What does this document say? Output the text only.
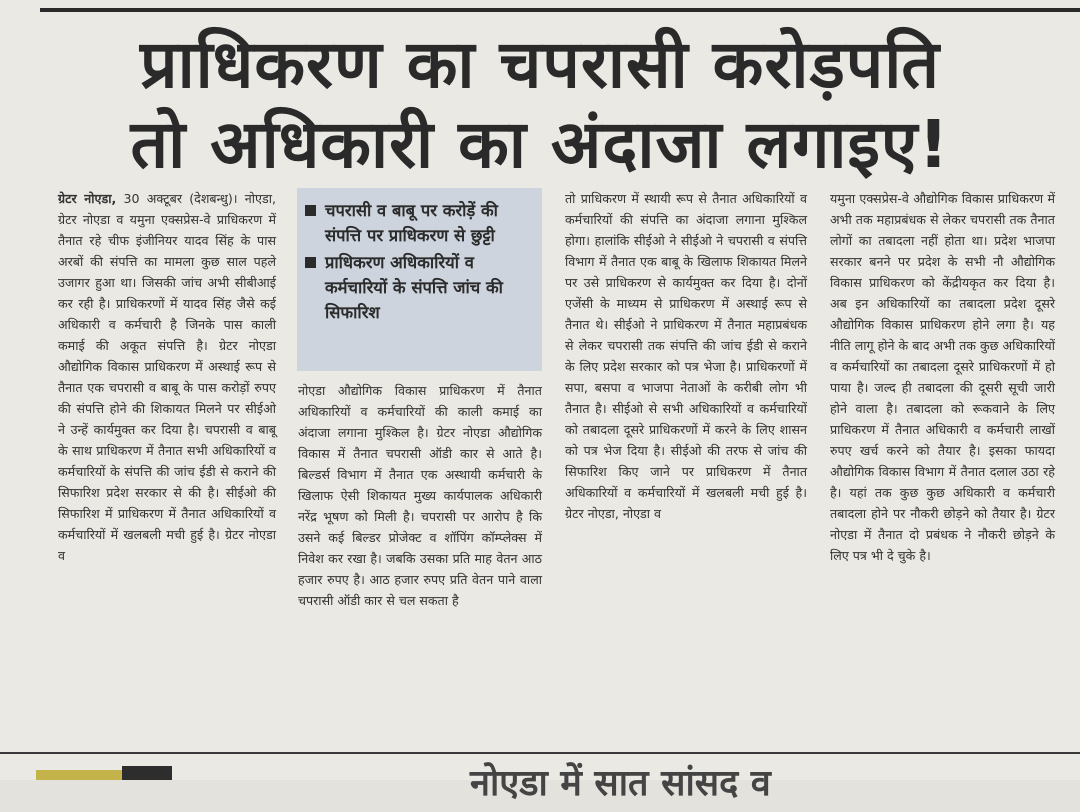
प्राधिकरण का चपरासी करोड़पति
तो अधिकारी का अंदाजा लगाइए!

ग्रेटर नोएडा, 30 अक्टूबर (देशबन्धु)। नोएडा, ग्रेटर नोएडा व यमुना एक्सप्रेस-वे प्राधिकरण में तैनात रहे चीफ इंजीनियर यादव सिंह के पास अरबों की संपत्ति का मामला कुछ साल पहले उजागर हुआ था। जिसकी जांच अभी सीबीआई कर रही है। प्राधिकरणों में यादव सिंह जैसे कई अधिकारी व कर्मचारी है जिनके पास काली कमाई की अकूत संपत्ति है। ग्रेटर नोएडा औद्योगिक विकास प्राधिकरण में अस्थाई रूप से तैनात एक चपरासी व बाबू के पास करोड़ों रुपए की संपत्ति होने की शिकायत मिलने पर सीईओ ने उन्हें कार्यमुक्त कर दिया है। चपरासी व बाबू के साथ प्राधिकरण में तैनात सभी अधिकारियों व कर्मचारियों के संपत्ति की जांच ईडी से कराने की सिफारिश प्रदेश सरकार से की है। सीईओ की सिफारिश में प्राधिकरण में तैनात अधिकारियों व कर्मचारियों में खलबली मची हुई है। ग्रेटर नोएडा व

चपरासी व बाबू पर करोड़ें की संपत्ति पर प्राधिकरण से छुट्टी
प्राधिकरण अधिकारियों व कर्मचारियों के संपत्ति जांच की सिफारिश

नोएडा औद्योगिक विकास प्राधिकरण में तैनात अधिकारियों व कर्मचारियों की काली कमाई का अंदाजा लगाना मुश्किल है। ग्रेटर नोएडा औद्योगिक विकास में तैनात चपरासी ऑडी कार से आते है। बिल्डर्स विभाग में तैनात एक अस्थायी कर्मचारी के खिलाफ ऐसी शिकायत मुख्य कार्यपालक अधिकारी नरेंद्र भूषण को मिली है। चपरासी पर आरोप है कि उसने कई बिल्डर प्रोजेक्ट व शॉपिंग कॉम्प्लेक्स में निवेश कर रखा है। जबकि उसका प्रति माह वेतन आठ हजार रुपए है। आठ हजार रुपए प्रति वेतन पाने वाला चपरासी ऑडी कार से चल सकता है

तो प्राधिकरण में स्थायी रूप से तैनात अधिकारियों व कर्मचारियों की संपत्ति का अंदाजा लगाना मुश्किल होगा। हालांकि सीईओ ने सीईओ ने चपरासी व संपत्ति विभाग में तैनात एक बाबू के खिलाफ शिकायत मिलने पर उसे प्राधिकरण से कार्यमुक्त कर दिया है। दोनों एजेंसी के माध्यम से प्राधिकरण में अस्थाई रूप से तैनात थे। सीईओ ने प्राधिकरण में तैनात महाप्रबंधक से लेकर चपरासी तक संपत्ति की जांच ईडी से कराने के लिए प्रदेश सरकार को पत्र भेजा है। प्राधिकरणों में सपा, बसपा व भाजपा नेताओं के करीबी लोग भी तैनात है। सीईओ से सभी अधिकारियों व कर्मचारियों को तबादला दूसरे प्राधिकरणों में करने के लिए शासन को पत्र भेज दिया है। सीईओ की तरफ से जांच की सिफारिश किए जाने पर प्राधिकरण में तैनात अधिकारियों व कर्मचारियों में खलबली मची हुई है। ग्रेटर नोएडा, नोएडा व

यमुना एक्सप्रेस-वे औद्योगिक विकास प्राधिकरण में अभी तक महाप्रबंधक से लेकर चपरासी तक तैनात लोगों का तबादला नहीं होता था। प्रदेश भाजपा सरकार बनने पर प्रदेश के सभी नौ औद्योगिक विकास प्राधिकरण को केंद्रीयकृत कर दिया है। अब इन अधिकारियों का तबादला प्रदेश दूसरे औद्योगिक विकास प्राधिकरण होने लगा है। यह नीति लागू होने के बाद अभी तक कुछ अधिकारियों व कर्मचारियों का तबादला दूसरे प्राधिकरणों में हो पाया है। जल्द ही तबादला की दूसरी सूची जारी होने वाला है। तबादला को रूकवाने के लिए प्राधिकरण में तैनात अधिकारी व कर्मचारी लाखों रुपए खर्च करने को तैयार है। इसका फायदा औद्योगिक विकास विभाग में तैनात दलाल उठा रहे है। यहां तक कुछ कुछ अधिकारी व कर्मचारी तबादला होने पर नौकरी छोड़ने को तैयार है। ग्रेटर नोएडा में तैनात दो प्रबंधक ने नौकरी छोड़ने के लिए पत्र भी दे चुके है।

नोएडा में सात सांसद व
